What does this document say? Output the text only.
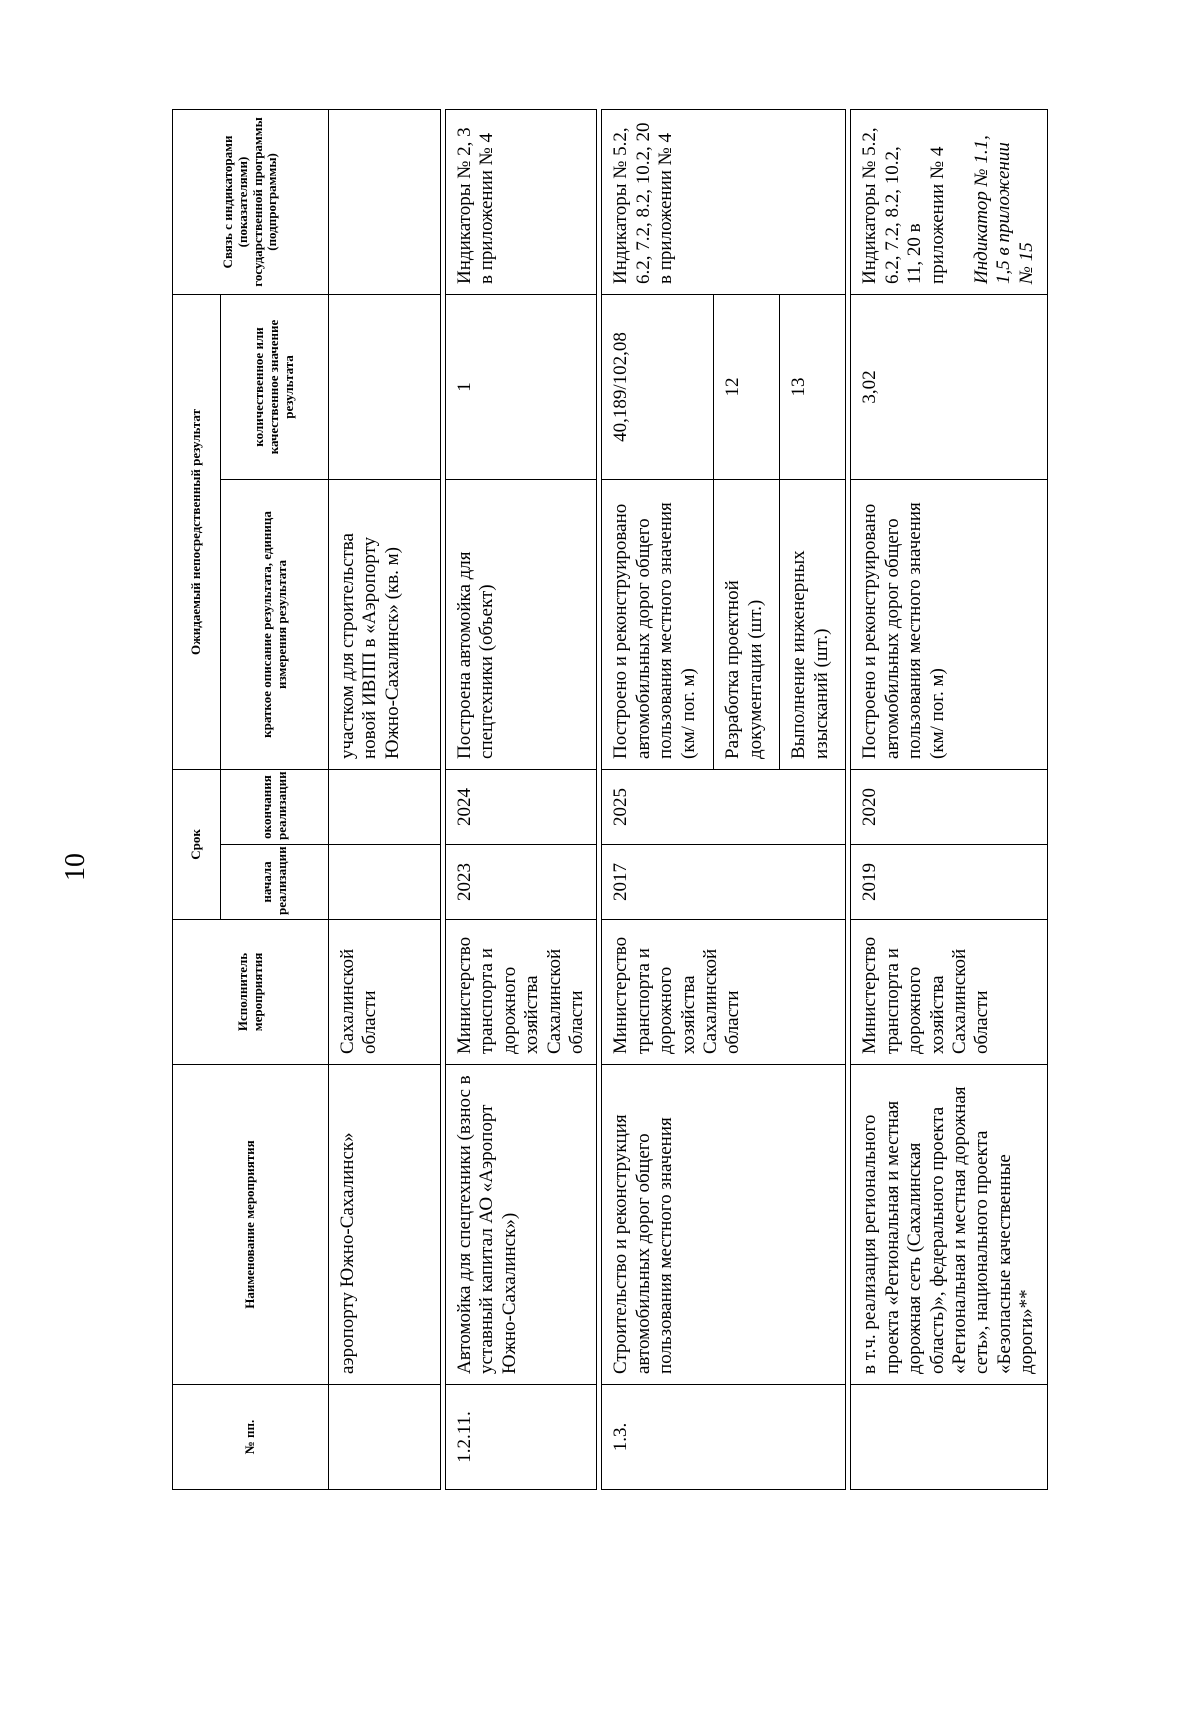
10
№ пп.	Наименование мероприятия	Исполнитель мероприятия	Срок		Ожидаемый непосредственный результат		Связь с индикаторами (показателями) государственной программы (подпрограммы)
			начала реализации	окончания реализации	краткое описание результата, единица измерения результата	количественное или качественное значение результата	
	аэропорту Южно-Сахалинск»	Сахалинской области			участком для строительства новой ИВПП в «Аэропорту Южно-Сахалинск» (кв. м)		

1.2.11.	Автомойка для спецтехники (взнос в уставный капитал АО «Аэропорт Южно-Сахалинск»)	Министерство транспорта и дорожного хозяйства Сахалинской области	2023	2024	Построена автомойка для спецтехники (объект)	1	Индикаторы № 2, 3 в приложении № 4

1.3.	Строительство и реконструкция автомобильных дорог общего пользования местного значения	Министерство транспорта и дорожного хозяйства Сахалинской области	2017	2025	Построено и реконструировано автомобильных дорог общего пользования местного значения (км/ пог. м)	40,189/102,08	Индикаторы № 5.2, 6.2, 7.2, 8.2, 10.2, 20 в приложении № 4
					Разработка проектной документации (шт.)	12	
					Выполнение инженерных изысканий (шт.)	13	

	в т.ч. реализация регионального проекта «Региональная и местная дорожная сеть (Сахалинская область)», федерального проекта «Региональная и местная дорожная сеть», национального проекта «Безопасные качественные дороги»**	Министерство транспорта и дорожного хозяйства Сахалинской области	2019	2020	Построено и реконструировано автомобильных дорог общего пользования местного значения (км/ пог. м)	3,02	Индикаторы № 5.2, 6.2, 7.2, 8.2, 10.2, 11, 20 в приложении № 4 Индикатор № 1.1, 1,5 в приложении № 15
